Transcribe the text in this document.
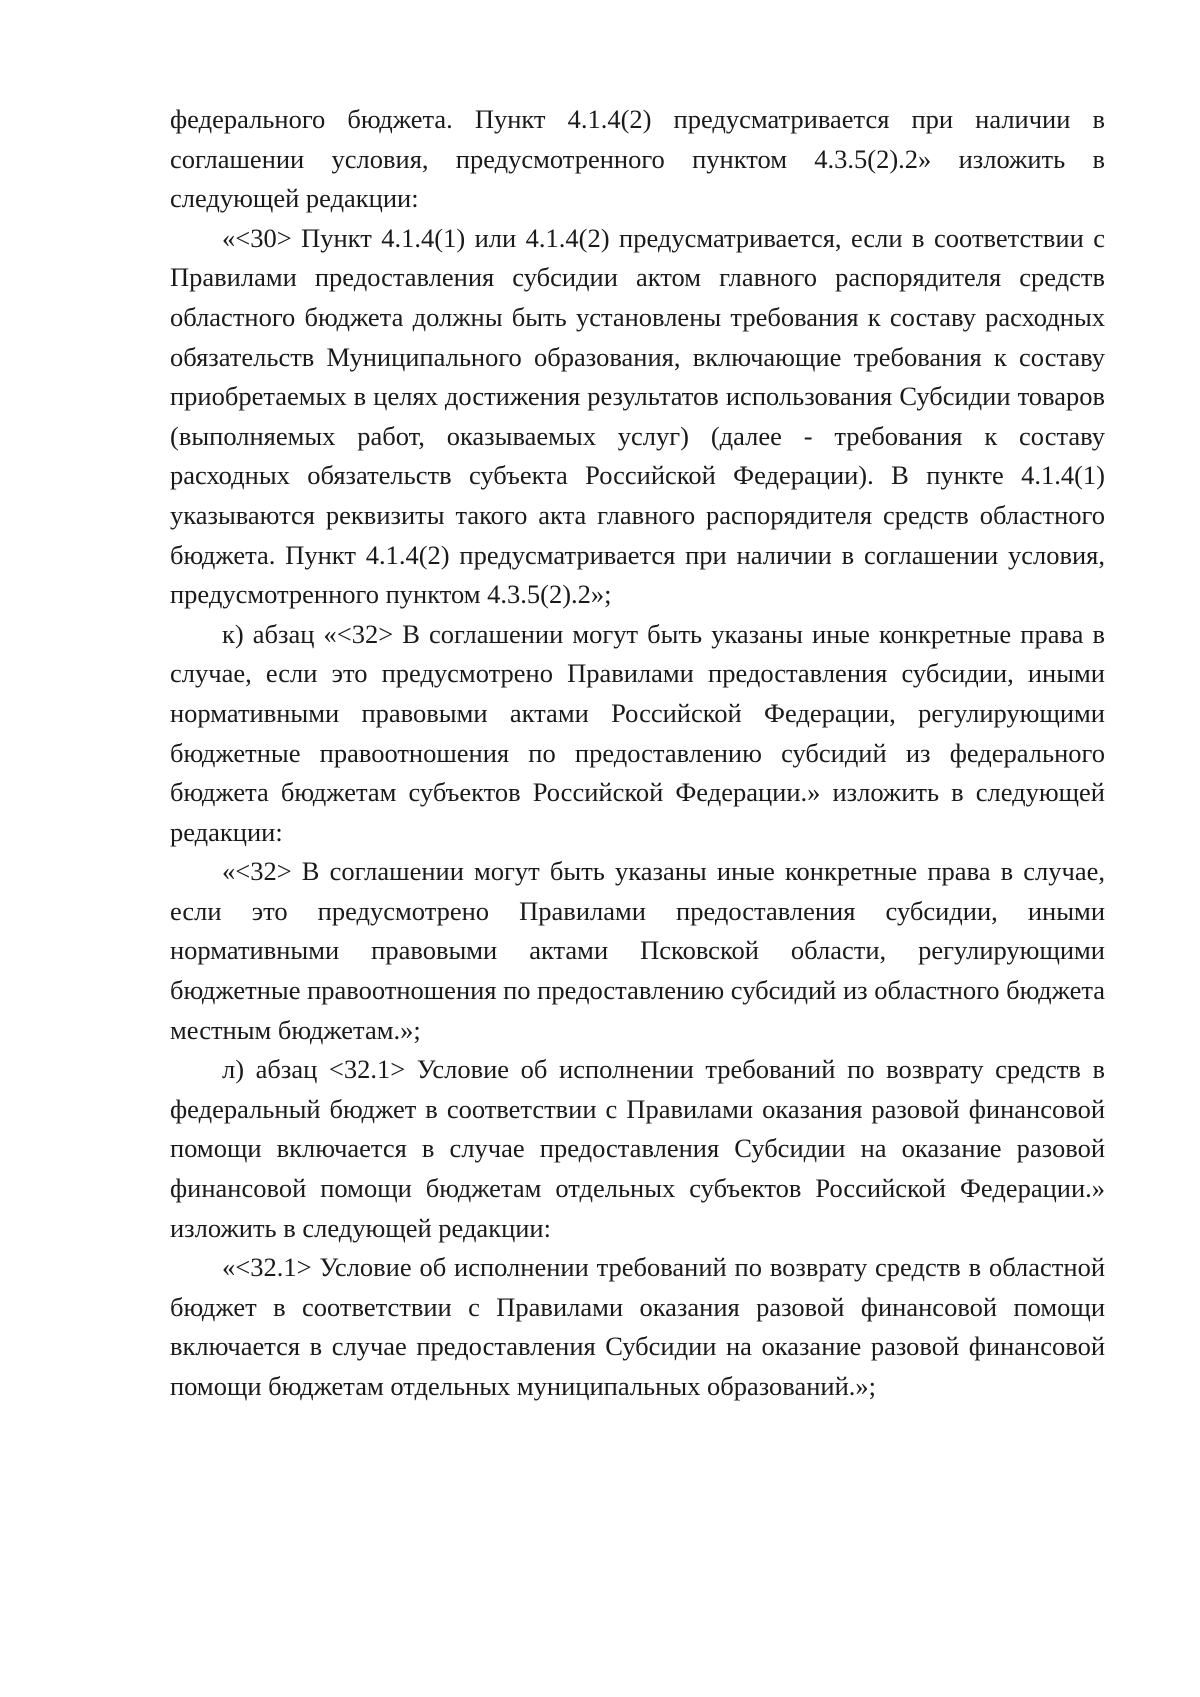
федерального бюджета. Пункт 4.1.4(2) предусматривается при наличии в соглашении условия, предусмотренного пунктом 4.3.5(2).2» изложить в следующей редакции:

«<30> Пункт 4.1.4(1) или 4.1.4(2) предусматривается, если в соответствии с Правилами предоставления субсидии актом главного распорядителя средств областного бюджета должны быть установлены требования к составу расходных обязательств Муниципального образования, включающие требования к составу приобретаемых в целях достижения результатов использования Субсидии товаров (выполняемых работ, оказываемых услуг) (далее - требования к составу расходных обязательств субъекта Российской Федерации). В пункте 4.1.4(1) указываются реквизиты такого акта главного распорядителя средств областного бюджета. Пункт 4.1.4(2) предусматривается при наличии в соглашении условия, предусмотренного пунктом 4.3.5(2).2»;

к) абзац «<32> В соглашении могут быть указаны иные конкретные права в случае, если это предусмотрено Правилами предоставления субсидии, иными нормативными правовыми актами Российской Федерации, регулирующими бюджетные правоотношения по предоставлению субсидий из федерального бюджета бюджетам субъектов Российской Федерации.» изложить в следующей редакции:

«<32> В соглашении могут быть указаны иные конкретные права в случае, если это предусмотрено Правилами предоставления субсидии, иными нормативными правовыми актами Псковской области, регулирующими бюджетные правоотношения по предоставлению субсидий из областного бюджета местным бюджетам.»;

л) абзац <32.1> Условие об исполнении требований по возврату средств в федеральный бюджет в соответствии с Правилами оказания разовой финансовой помощи включается в случае предоставления Субсидии на оказание разовой финансовой помощи бюджетам отдельных субъектов Российской Федерации.» изложить в следующей редакции:

«<32.1> Условие об исполнении требований по возврату средств в областной бюджет в соответствии с Правилами оказания разовой финансовой помощи включается в случае предоставления Субсидии на оказание разовой финансовой помощи бюджетам отдельных муниципальных образований.»;
